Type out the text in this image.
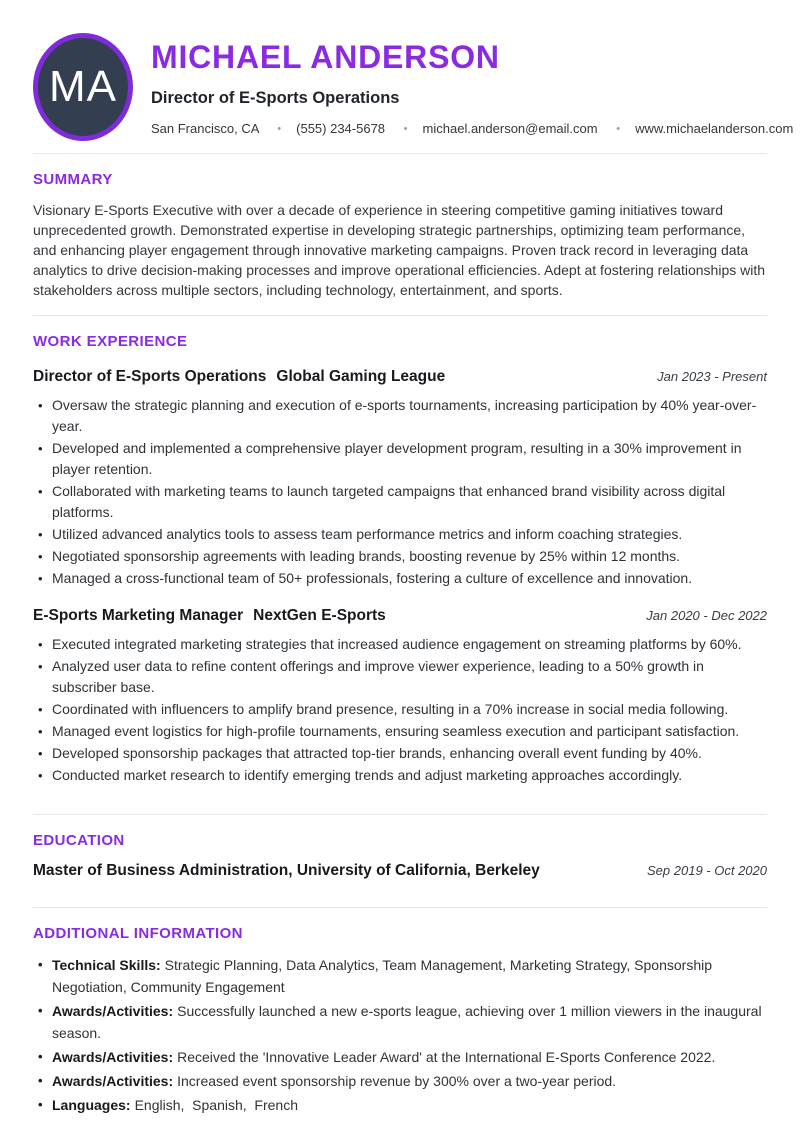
MA
MICHAEL ANDERSON
Director of E-Sports Operations
San Francisco, CA	• (555) 234-5678	• michael.anderson@email.com	• www.michaelanderson.com
SUMMARY

Visionary E-Sports Executive with over a decade of experience in steering competitive gaming initiatives toward unprecedented growth. Demonstrated expertise in developing strategic partnerships, optimizing team performance, and enhancing player engagement through innovative marketing campaigns. Proven track record in leveraging data analytics to drive decision-making processes and improve operational efficiencies. Adept at fostering relationships with stakeholders across multiple sectors, including technology, entertainment, and sports.

WORK EXPERIENCE
Director of E-Sports Operations Global Gaming League	Jan 2023 - Present
• Oversaw the strategic planning and execution of e-sports tournaments, increasing participation by 40% year-over-year.
• Developed and implemented a comprehensive player development program, resulting in a 30% improvement in player retention.
• Collaborated with marketing teams to launch targeted campaigns that enhanced brand visibility across digital platforms.
• Utilized advanced analytics tools to assess team performance metrics and inform coaching strategies.
• Negotiated sponsorship agreements with leading brands, boosting revenue by 25% within 12 months.
• Managed a cross-functional team of 50+ professionals, fostering a culture of excellence and innovation.
E-Sports Marketing Manager NextGen E-Sports	Jan 2020 - Dec 2022
• Executed integrated marketing strategies that increased audience engagement on streaming platforms by 60%.
• Analyzed user data to refine content offerings and improve viewer experience, leading to a 50% growth in subscriber base.
• Coordinated with influencers to amplify brand presence, resulting in a 70% increase in social media following.
• Managed event logistics for high-profile tournaments, ensuring seamless execution and participant satisfaction.
• Developed sponsorship packages that attracted top-tier brands, enhancing overall event funding by 40%.
• Conducted market research to identify emerging trends and adjust marketing approaches accordingly.
EDUCATION
Master of Business Administration, University of California, Berkeley	Sep 2019 - Oct 2020
ADDITIONAL INFORMATION
• Technical Skills: Strategic Planning, Data Analytics, Team Management, Marketing Strategy, Sponsorship Negotiation, Community Engagement
• Awards/Activities: Successfully launched a new e-sports league, achieving over 1 million viewers in the inaugural season.
• Awards/Activities: Received the 'Innovative Leader Award' at the International E-Sports Conference 2022.
• Awards/Activities: Increased event sponsorship revenue by 300% over a two-year period.
• Languages: English,  Spanish,  French
